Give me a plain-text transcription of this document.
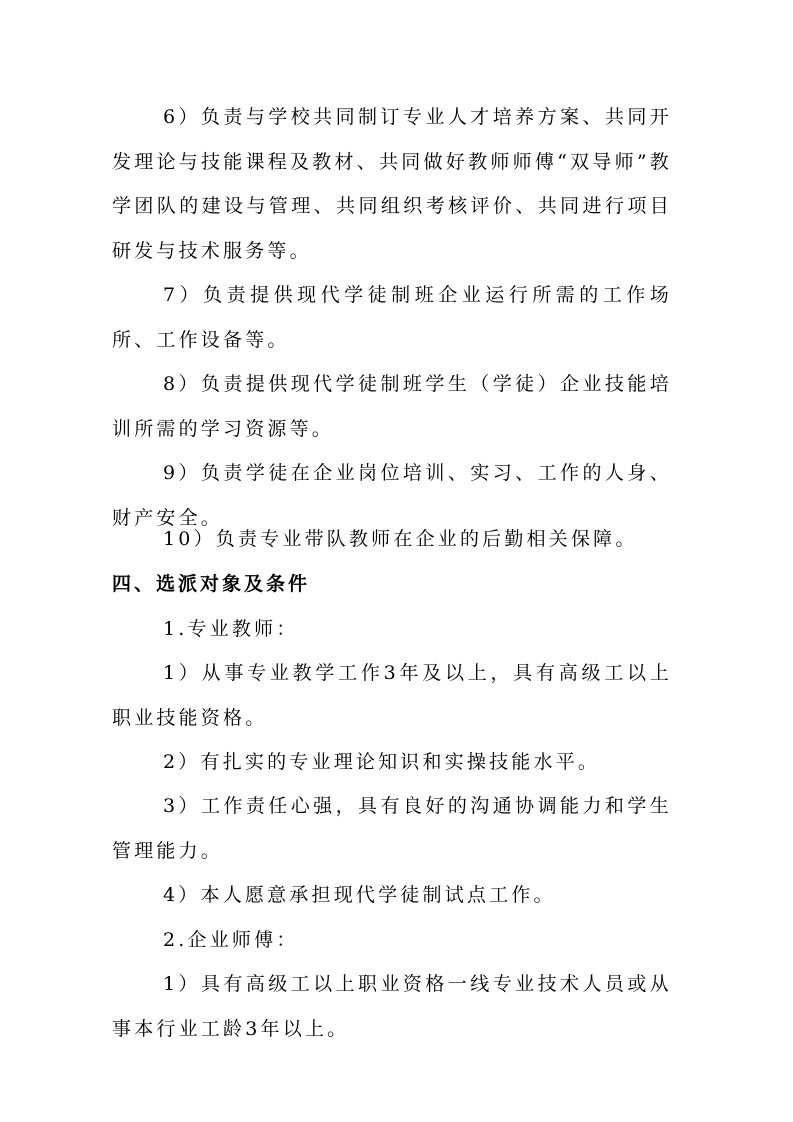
6）负责与学校共同制订专业人才培养方案、共同开发理论与技能课程及教材、共同做好教师师傅“双导师”教学团队的建设与管理、共同组织考核评价、共同进行项目研发与技术服务等。

7）负责提供现代学徒制班企业运行所需的工作场所、工作设备等。

8）负责提供现代学徒制班学生（学徒）企业技能培训所需的学习资源等。

9）负责学徒在企业岗位培训、实习、工作的人身、财产安全。

10）负责专业带队教师在企业的后勤相关保障。

四、选派对象及条件

1.专业教师：

1）从事专业教学工作3年及以上，具有高级工以上职业技能资格。

2）有扎实的专业理论知识和实操技能水平。

3）工作责任心强，具有良好的沟通协调能力和学生管理能力。

4）本人愿意承担现代学徒制试点工作。

2.企业师傅：

1）具有高级工以上职业资格一线专业技术人员或从事本行业工龄3年以上。
